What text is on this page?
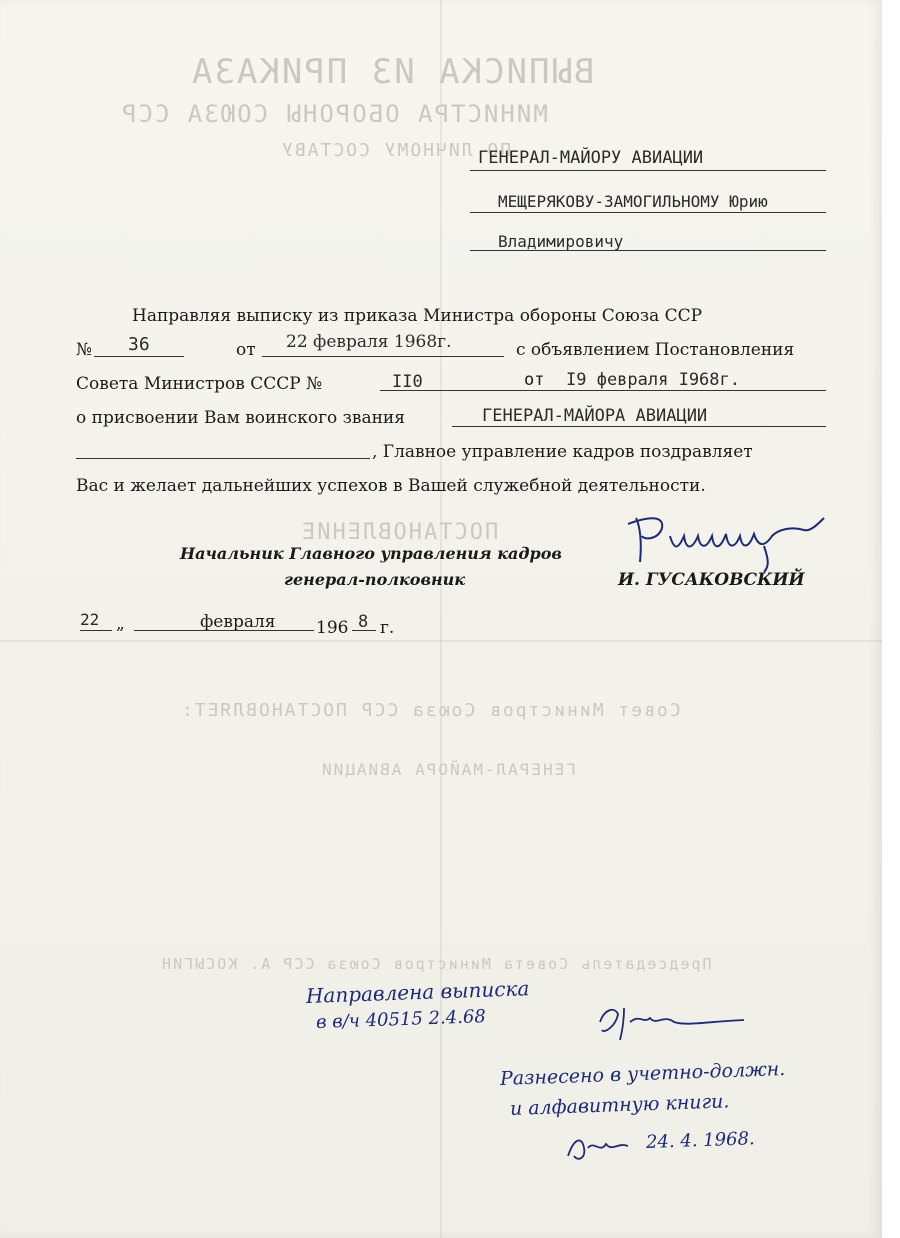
ВЫПИСКА ИЗ ПРИКАЗА
МИНИСТРА ОБОРОНЫ СОЮЗА ССР
ПО ЛИЧНОМУ СОСТАВУ
ПОСТАНОВЛЕНИЕ
Совет Министров Союза ССР ПОСТАНОВЛЯЕТ:
ГЕНЕРАЛ-МАЙОРА АВИАЦИИ
Председатель Совета Министров Союза ССР А. КОСЫГИН
ГЕНЕРАЛ-МАЙОРУ АВИАЦИИ
МЕЩЕРЯКОВУ-ЗАМОГИЛЬНОМУ Юрию
Владимировичу
Направляя выписку из приказа Министра обороны Союза ССР
№ 36	от 22 февраля 1968г.	с объявлением Постановления
Совета Министров СССР №	II0	от I9 февраля I968г.
о присвоении Вам воинского звания	ГЕНЕРАЛ-МАЙОРА АВИАЦИИ
, Главное управление кадров поздравляет
Вас и желает дальнейших успехов в Вашей служебной деятельности.
Начальник Главного управления кадров
генерал-полковник	И. ГУСАКОВСКИЙ
22 „	февраля 196 8 г.
Направлена выписка
в в/ч 40515 2.4.68
Разнесено в учетно-должн.
и алфавитную книги.
24. 4. 1968.
